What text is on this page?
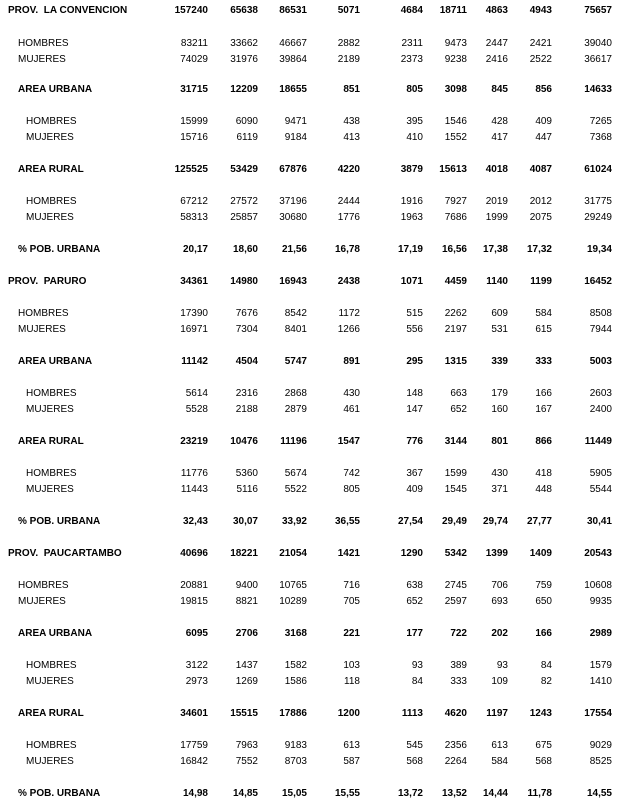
PROV.  LA CONVENCION	157240 65638 86531	5071	4684 18711 4863 4943	75657
HOMBRES	83211 33662 46667	2882	2311 9473 2447 2421	39040
MUJERES	74029 31976 39864	2189	2373 9238 2416 2522	36617
AREA URBANA	31715 12209 18655	851	805 3098 845	856	14633
HOMBRES	15999	6090	9471	438	395 1546 428	409	7265
MUJERES	15716	6119	9184	413	410 1552 417	447	7368
AREA RURAL	125525 53429 67876	4220	3879 15613 4018 4087	61024
HOMBRES	67212 27572 37196	2444	1916 7927 2019 2012	31775
MUJERES	58313 25857 30680	1776	1963 7686 1999 2075	29249
% POB. URBANA	20,17 18,60 21,56	16,78	17,19 16,56 17,38 17,32	19,34
PROV.  PARURO	34361 14980 16943	2438	1071 4459 1140 1199	16452
HOMBRES	17390	7676	8542	1172	515 2262 609	584	8508
MUJERES	16971	7304	8401	1266	556 2197 531	615	7944
AREA URBANA	11142	4504	5747	891	295 1315 339	333	5003
HOMBRES	5614	2316	2868	430	148	663 179	166	2603
MUJERES	5528	2188	2879	461	147	652 160	167	2400
AREA RURAL	23219 10476 11196	1547	776 3144 801	866	11449
HOMBRES	11776	5360	5674	742	367 1599 430	418	5905
MUJERES	11443	5116	5522	805	409 1545 371	448	5544
% POB. URBANA	32,43 30,07 33,92	36,55	27,54 29,49 29,74 27,77	30,41
PROV.  PAUCARTAMBO	40696 18221 21054	1421	1290 5342 1399 1409	20543
HOMBRES	20881	9400 10765	716	638 2745 706	759	10608
MUJERES	19815	8821 10289	705	652 2597 693	650	9935
AREA URBANA	6095	2706	3168	221	177	722 202	166	2989
HOMBRES	3122	1437	1582	103	93	389	93	84	1579
MUJERES	2973	1269	1586	118	84	333 109	82	1410
AREA RURAL	34601 15515 17886	1200	1113 4620 1197 1243	17554
HOMBRES	17759	7963	9183	613	545 2356 613	675	9029
MUJERES	16842	7552	8703	587	568 2264 584	568	8525
% POB. URBANA	14,98 14,85 15,05	15,55	13,72 13,52 14,44 11,78	14,55
